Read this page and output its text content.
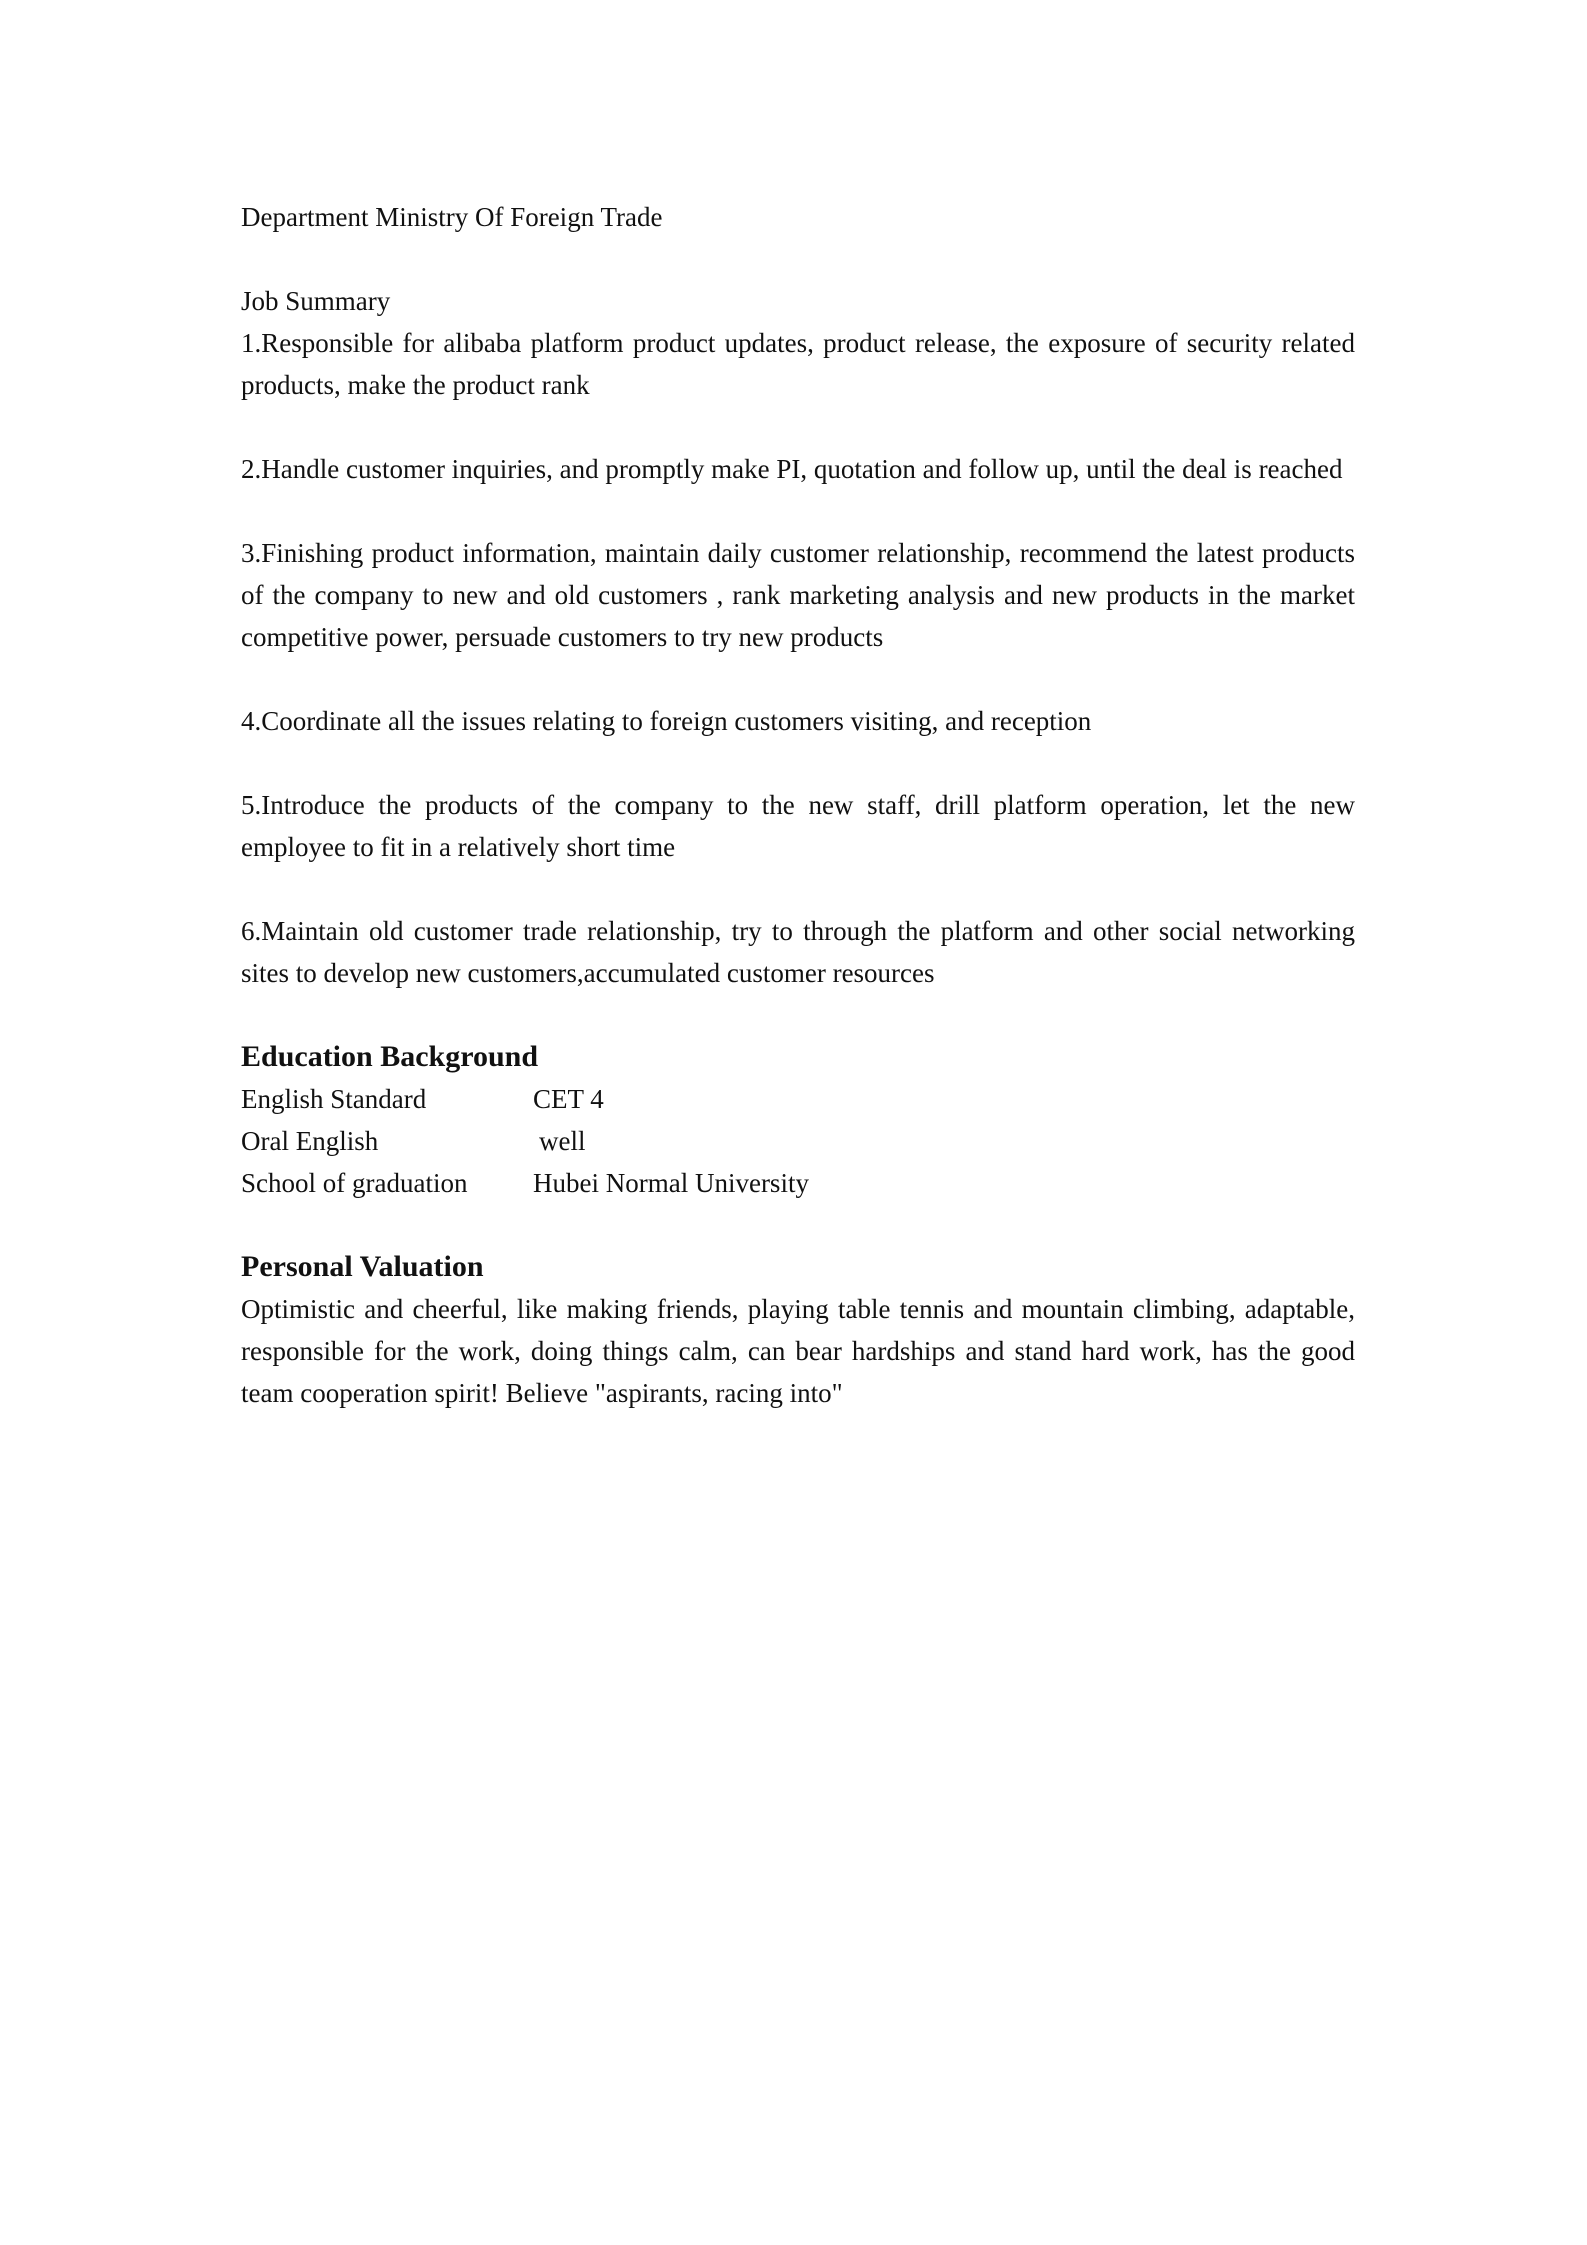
Department Ministry Of Foreign Trade

Job Summary

1.Responsible for alibaba platform product updates, product release, the exposure of security related products, make the product rank

2.Handle customer inquiries, and promptly make PI, quotation and follow up, until the deal is reached

3.Finishing product information, maintain daily customer relationship, recommend the latest products of the company to new and old customers , rank marketing analysis and new products in the market competitive power, persuade customers to try new products

4.Coordinate all the issues relating to foreign customers visiting, and reception

5.Introduce the products of the company to the new staff, drill platform operation, let the new employee to fit in a relatively short time

6.Maintain old customer trade relationship, try to through the platform and other social networking sites to develop new customers,accumulated customer resources

Education Background

English Standard	CET 4
Oral English	well
School of graduation	Hubei Normal University

Personal Valuation

Optimistic and cheerful, like making friends, playing table tennis and mountain climbing, adaptable, responsible for the work, doing things calm, can bear hardships and stand hard work, has the good team cooperation spirit! Believe "aspirants, racing into"
